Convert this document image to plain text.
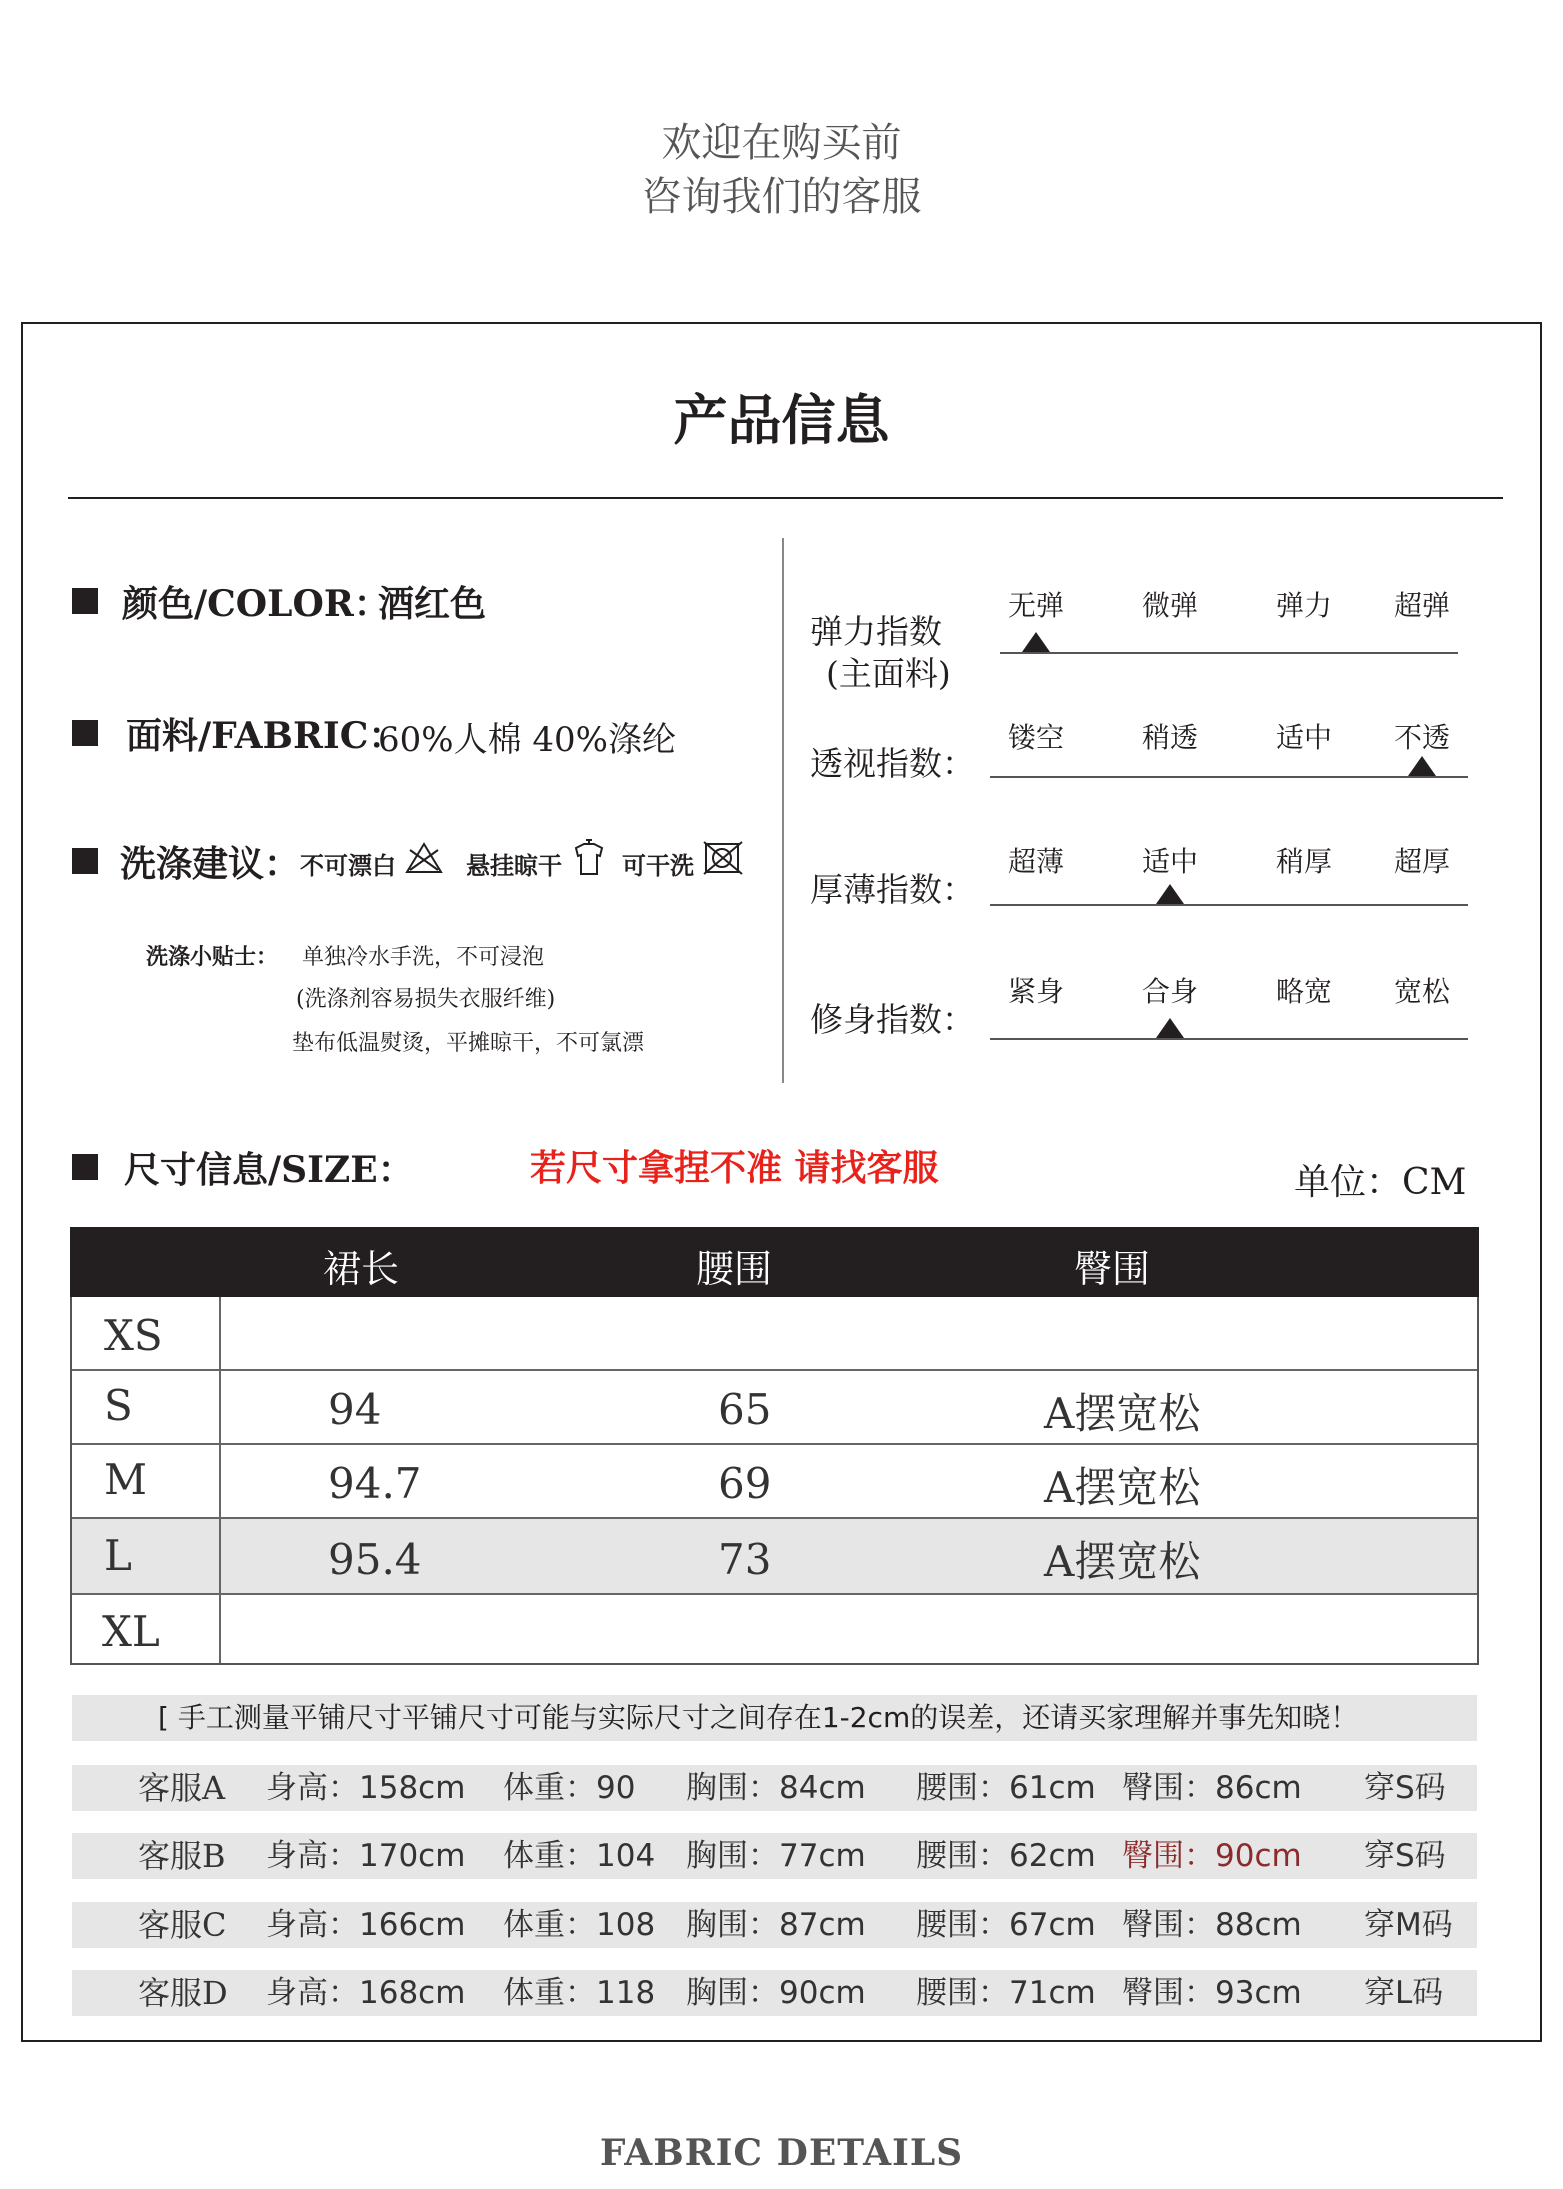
欢迎在购买前
咨询我们的客服
产品信息
颜色/COLOR：
酒红色
面料/FABRIC：
60%人棉 40%涤纶
洗涤建议： 不可漂白	悬挂晾干	可干洗
洗涤小贴士： 单独冷水手洗，不可浸泡
(洗涤剂容易损失衣服纤维)
垫布低温熨烫，平摊晾干，不可氯漂
弹力指数
(主面料)
无弹	微弹	弹力	超弹
透视指数：
镂空	稍透	适中	不透
厚薄指数：
超薄	适中	稍厚	超厚
修身指数：
紧身	合身	略宽	宽松
尺寸信息/SIZE：	若尺寸拿捏不准 请找客服	单位：CM
裙长	腰围	臀围
XS
S	94	65	A摆宽松
M	94.7	69	A摆宽松
L	95.4	73	A摆宽松
XL
[ 手工测量平铺尺寸平铺尺寸可能与实际尺寸之间存在1-2cm的误差，还请买家理解并事先知晓！
客服A 身高：158cm 体重：90 胸围：84cm 腰围：61cm 臀围：86cm 穿S码
客服B 身高：170cm 体重：104 胸围：77cm 腰围：62cm 臀围：90cm 穿S码
客服C 身高：166cm 体重：108 胸围：87cm 腰围：67cm 臀围：88cm 穿M码
客服D 身高：168cm 体重：118 胸围：90cm 腰围：71cm 臀围：93cm 穿L码
FABRIC DETAILS
